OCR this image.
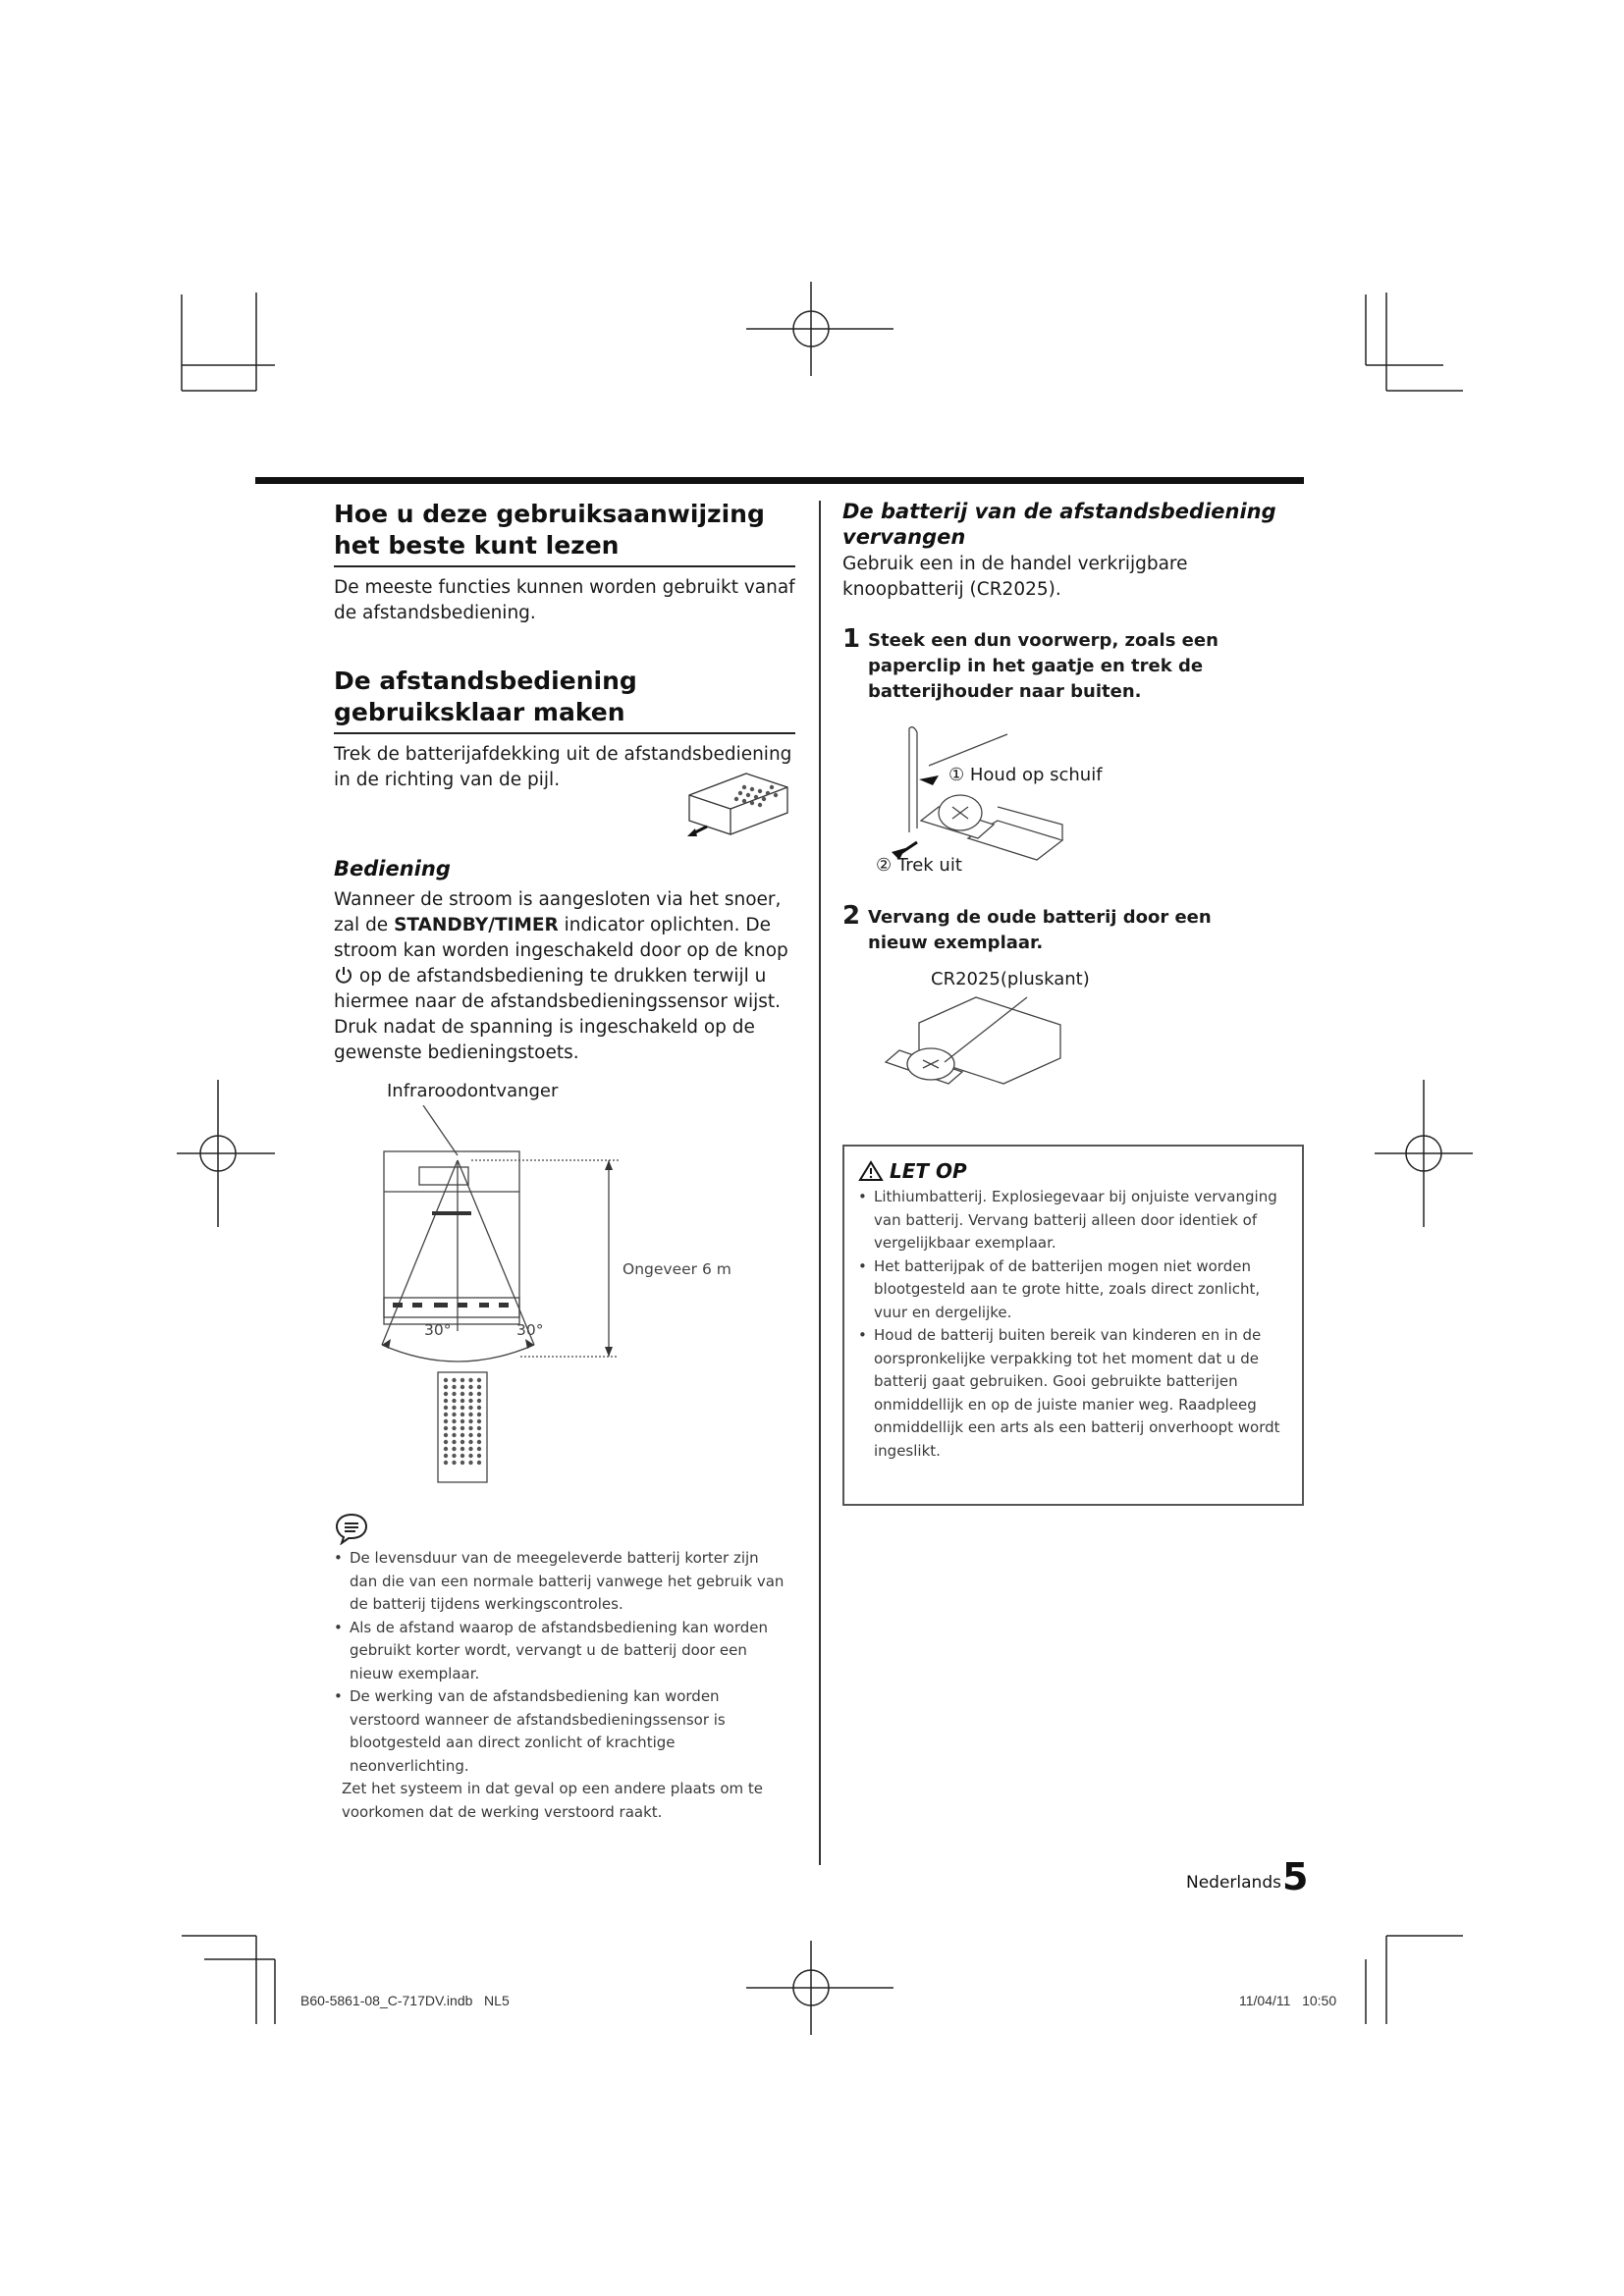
Hoe u deze gebruiksaanwijzing het beste kunt lezen

De meeste functies kunnen worden gebruikt vanaf de afstandsbediening.

De afstandsbediening gebruiksklaar maken

Trek de batterijafdekking uit de afstandsbediening in de richting van de pijl.

Bediening

Wanneer de stroom is aangesloten via het snoer, zal de STANDBY/TIMER indicator oplichten. De stroom kan worden ingeschakeld door op de knop  op de afstandsbediening te drukken terwijl u hiermee naar de afstandsbedieningssensor wijst. Druk nadat de spanning is ingeschakeld op de gewenste bedieningstoets.

Infraroodontvanger
Ongeveer 6 m
30°	30°
• De levensduur van de meegeleverde batterij korter zijn dan die van een normale batterij vanwege het gebruik van de batterij tijdens werkingscontroles.
• Als de afstand waarop de afstandsbediening kan worden gebruikt korter wordt, vervangt u de batterij door een nieuw exemplaar.
• De werking van de afstandsbediening kan worden verstoord wanneer de afstandsbedieningssensor is blootgesteld aan direct zonlicht of krachtige neonverlichting.
Zet het systeem in dat geval op een andere plaats om te voorkomen dat de werking verstoord raakt.
De batterij van de afstandsbediening vervangen

Gebruik een in de handel verkrijgbare knoopbatterij (CR2025).

1 Steek een dun voorwerp, zoals een paperclip in het gaatje en trek de batterijhouder naar buiten.
① Houd op schuif
② Trek uit
2 Vervang de oude batterij door een nieuw exemplaar.
CR2025(pluskant)
LET OP
• Lithiumbatterij. Explosiegevaar bij onjuiste vervanging van batterij. Vervang batterij alleen door identiek of vergelijkbaar exemplaar.
• Het batterijpak of de batterijen mogen niet worden blootgesteld aan te grote hitte, zoals direct zonlicht, vuur en dergelijke.
• Houd de batterij buiten bereik van kinderen en in de oorspronkelijke verpakking tot het moment dat u de batterij gaat gebruiken. Gooi gebruikte batterijen onmiddellijk en op de juiste manier weg. Raadpleeg onmiddellijk een arts als een batterij onverhoopt wordt ingeslikt.
Nederlands 5
B60-5861-08_C-717DV.indb   NL5	11/04/11   10:50
